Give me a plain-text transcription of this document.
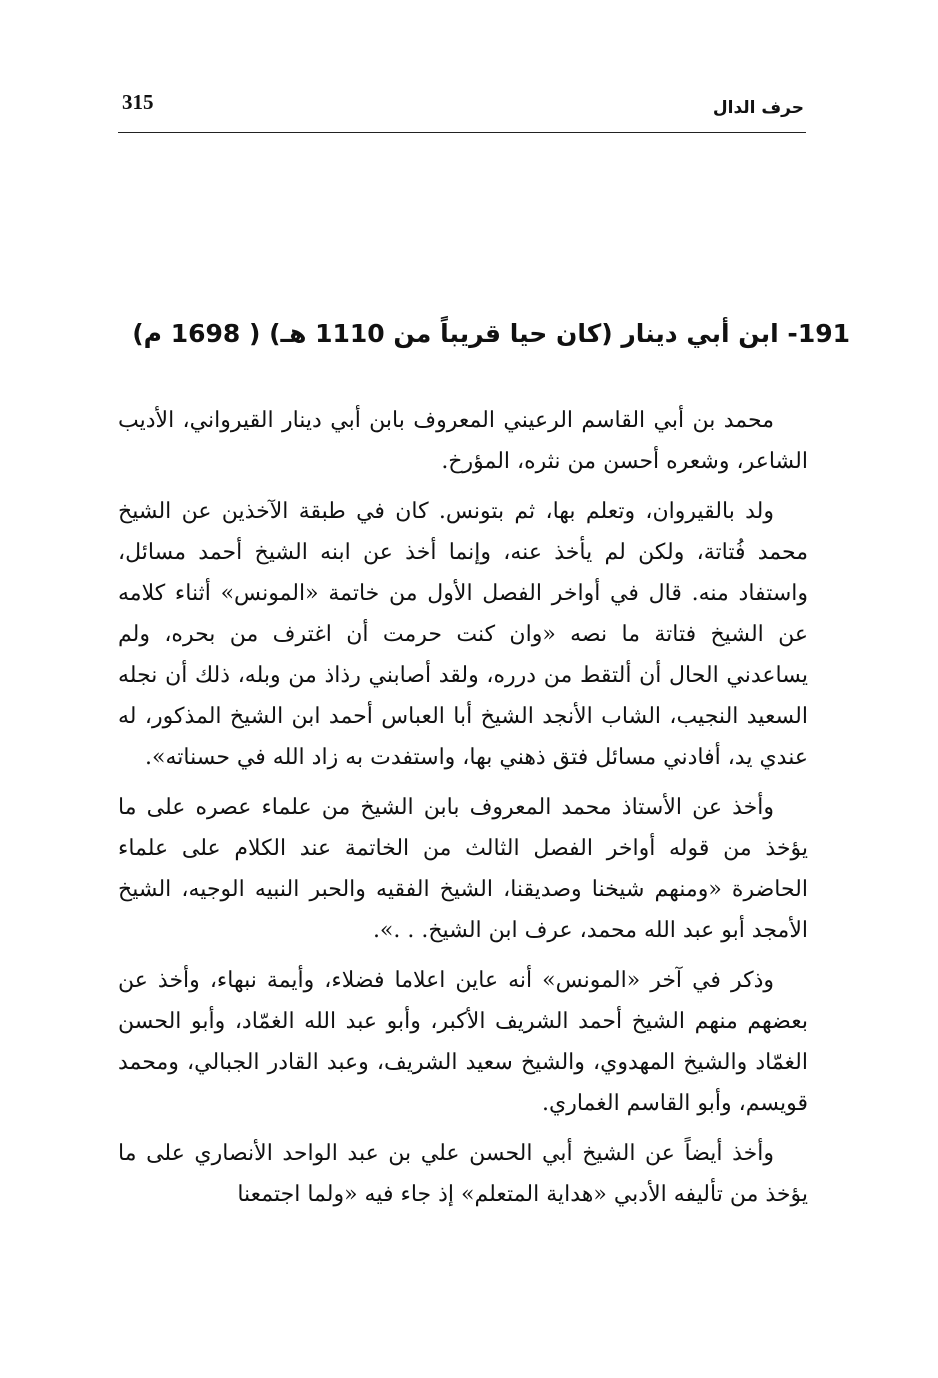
315	حرف الدال
191- ابن أبي دينار (كان حيا قريباً من 1110 هـ) ( 1698 م)

محمد بن أبي القاسم الرعيني المعروف بابن أبي دينار القيرواني، الأديب الشاعر، وشعره أحسن من نثره، المؤرخ.

ولد بالقيروان، وتعلم بها، ثم بتونس. كان في طبقة الآخذين عن الشيخ محمد فُتاتة، ولكن لم يأخذ عنه، وإنما أخذ عن ابنه الشيخ أحمد مسائل، واستفاد منه. قال في أواخر الفصل الأول من خاتمة «المونس» أثناء كلامه عن الشيخ فتاتة ما نصه «وان كنت حرمت أن اغترف من بحره، ولم يساعدني الحال أن ألتقط من درره، ولقد أصابني رذاذ من وبله، ذلك أن نجله السعيد النجيب، الشاب الأنجد الشيخ أبا العباس أحمد ابن الشيخ المذكور، له عندي يد، أفادني مسائل فتق ذهني بها، واستفدت به زاد الله في حسناته».

وأخذ عن الأستاذ محمد المعروف بابن الشيخ من علماء عصره على ما يؤخذ من قوله أواخر الفصل الثالث من الخاتمة عند الكلام على علماء الحاضرة «ومنهم شيخنا وصديقنا، الشيخ الفقيه والحبر النبيه الوجيه، الشيخ الأمجد أبو عبد الله محمد، عرف ابن الشيخ. . .».

وذكر في آخر «المونس» أنه عاين اعلاما فضلاء، وأيمة نبهاء، وأخذ عن بعضهم منهم الشيخ أحمد الشريف الأكبر، وأبو عبد الله الغمّاد، وأبو الحسن الغمّاد والشيخ المهدوي، والشيخ سعيد الشريف، وعبد القادر الجبالي، ومحمد قويسم، وأبو القاسم الغماري.

وأخذ أيضاً عن الشيخ أبي الحسن علي بن عبد الواحد الأنصاري على ما يؤخذ من تأليفه الأدبي «هداية المتعلم» إذ جاء فيه «ولما اجتمعنا
